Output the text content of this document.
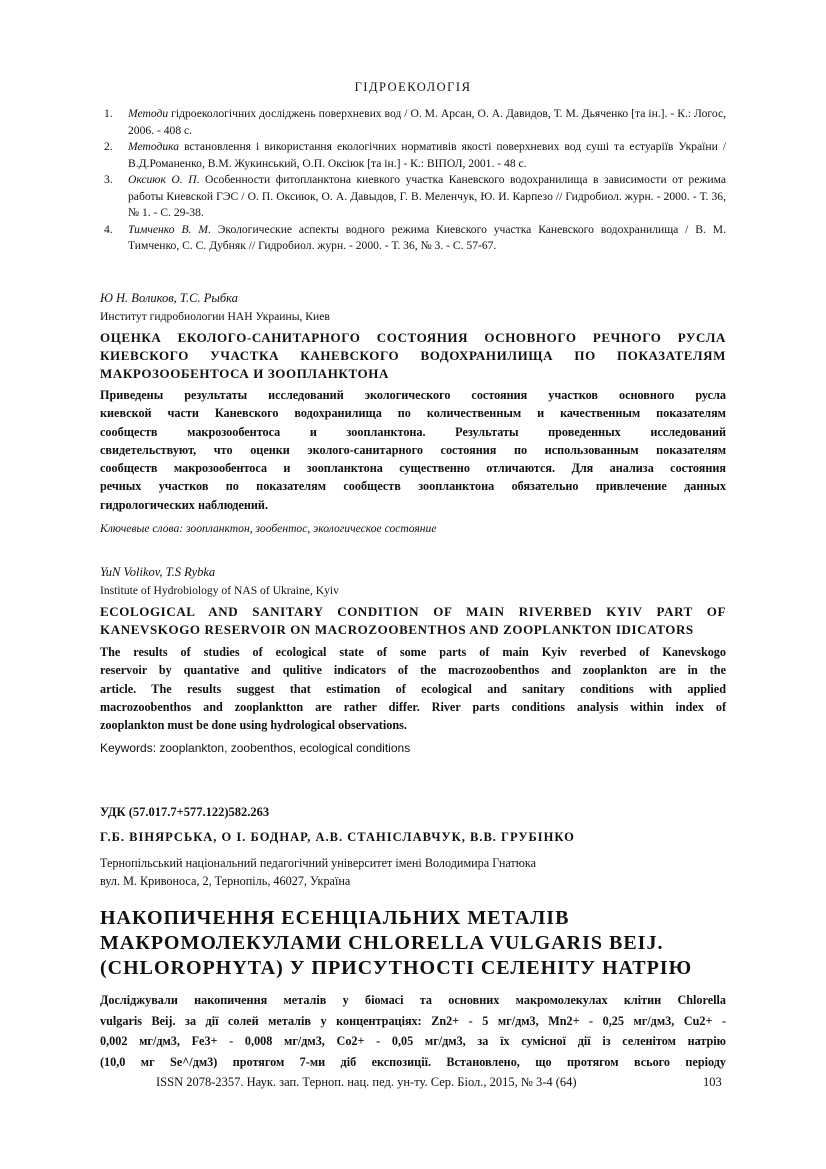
ГІДРОЕКОЛОГІЯ
1. Методи гідроекологічних досліджень поверхневих вод / О. М. Арсан, О. А. Давидов, Т. М. Дьяченко [та ін.]. - К.: Логос, 2006. - 408 с.
2. Методика встановлення і використання екологічних нормативів якості поверхневих вод суші та естуаріїв України / В.Д.Романенко, В.М. Жукинський, О.П. Оксіюк [та ін.] - К.: ВІПОЛ, 2001. - 48 с.
3. Оксиюк О. П. Особенности фитопланктона киевкого участка Каневского водохранилища в зависимости от режима работы Киевской ГЭС / О. П. Оксиюк, О. А. Давыдов, Г. В. Меленчук, Ю. И. Карпезо // Гидробиол. журн. - 2000. - Т. 36, № 1. - С. 29-38.
4. Тимченко В. М. Экологические аспекты водного режима Киевского участка Каневского водохранилища / В. М. Тимченко, С. С. Дубняк // Гидробиол. журн. - 2000. - Т. 36, № 3. - С. 57-67.
Ю Н. Воликов, Т.С. Рыбка
Институт гидробиологии НАН Украины, Киев
ОЦЕНКА ЕКОЛОГО-САНИТАРНОГО СОСТОЯНИЯ ОСНОВНОГО РЕЧНОГО РУСЛА
КИЕВСКОГО УЧАСТКА КАНЕВСКОГО ВОДОХРАНИЛИЩА ПО ПОКАЗАТЕЛЯМ
МАКРОЗООБЕНТОСА И ЗООПЛАНКТОНА
Приведены результаты исследований экологического состояния участков основного русла
киевской части Каневского водохранилища по количественным и качественным показателям
сообществ макрозообентоса и зоопланктона. Результаты проведенных исследований
свидетельствуют, что оценки эколого-санитарного состояния по использованным показателям
сообществ макрозообентоса и зоопланктона существенно отличаются. Для анализа состояния
речных участков по показателям сообществ зоопланктона обязательно привлечение данных
гидрологических наблюдений.
Ключевые слова: зоопланктон, зообентос, экологическое состояние
YuN Volikov, T.S Rybka
Institute of Hydrobiology of NAS of Ukraine, Kyiv
ECOLOGICAL AND SANITARY CONDITION OF MAIN RIVERBED KYIV PART OF
KANEVSKOGO RESERVOIR ON MACROZOOBENTHOS AND ZOOPLANKTON IDICATORS
The results of studies of ecological state of some parts of main Kyiv reverbed of Kanevskogo
reservoir by quantative and qulitive indicators of the macrozoobenthos and zooplankton are in the
article. The results suggest that estimation of ecological and sanitary conditions with applied
macrozoobenthos and zooplanktton are rather differ. River parts conditions analysis within index of
zooplankton must be done using hydrological observations.
Keywords: zooplankton, zoobenthos, ecological conditions
УДК (57.017.7+577.122)582.263
Г.Б. ВІНЯРСЬКА, О І. БОДНАР, А.В. СТАНІСЛАВЧУК, В.В. ГРУБІНКО
Тернопільський національний педагогічний університет імені Володимира Гнатюка
вул. М. Кривоноса, 2, Тернопіль, 46027, Україна
НАКОПИЧЕННЯ ЕСЕНЦІАЛЬНИХ МЕТАЛІВ
МАКРОМОЛЕКУЛАМИ CHLORELLA VULGARIS BEIJ.
(CHLOROPHYTA) У ПРИСУТНОСТІ СЕЛЕНІТУ НАТРІЮ
Досліджували накопичення металів у біомасі та основних макромолекулах клітин Chlorella
vulgaris Beij. за дії солей металів у концентраціях: Zn2+ - 5 мг/дм3, Mn2+ - 0,25 мг/дм3, Cu2+ -
0,002 мг/дм3, Fe3+ - 0,008 мг/дм3, Co2+ - 0,05 мг/дм3, за їх сумісної дії із селенітом натрію
(10,0 мг Se^/дм3) протягом 7-ми діб експозиції. Встановлено, що протягом всього періоду
ISSN 2078-2357. Наук. зап. Терноп. нац. пед. ун-ту. Сер. Біол., 2015, № 3-4 (64)	103
